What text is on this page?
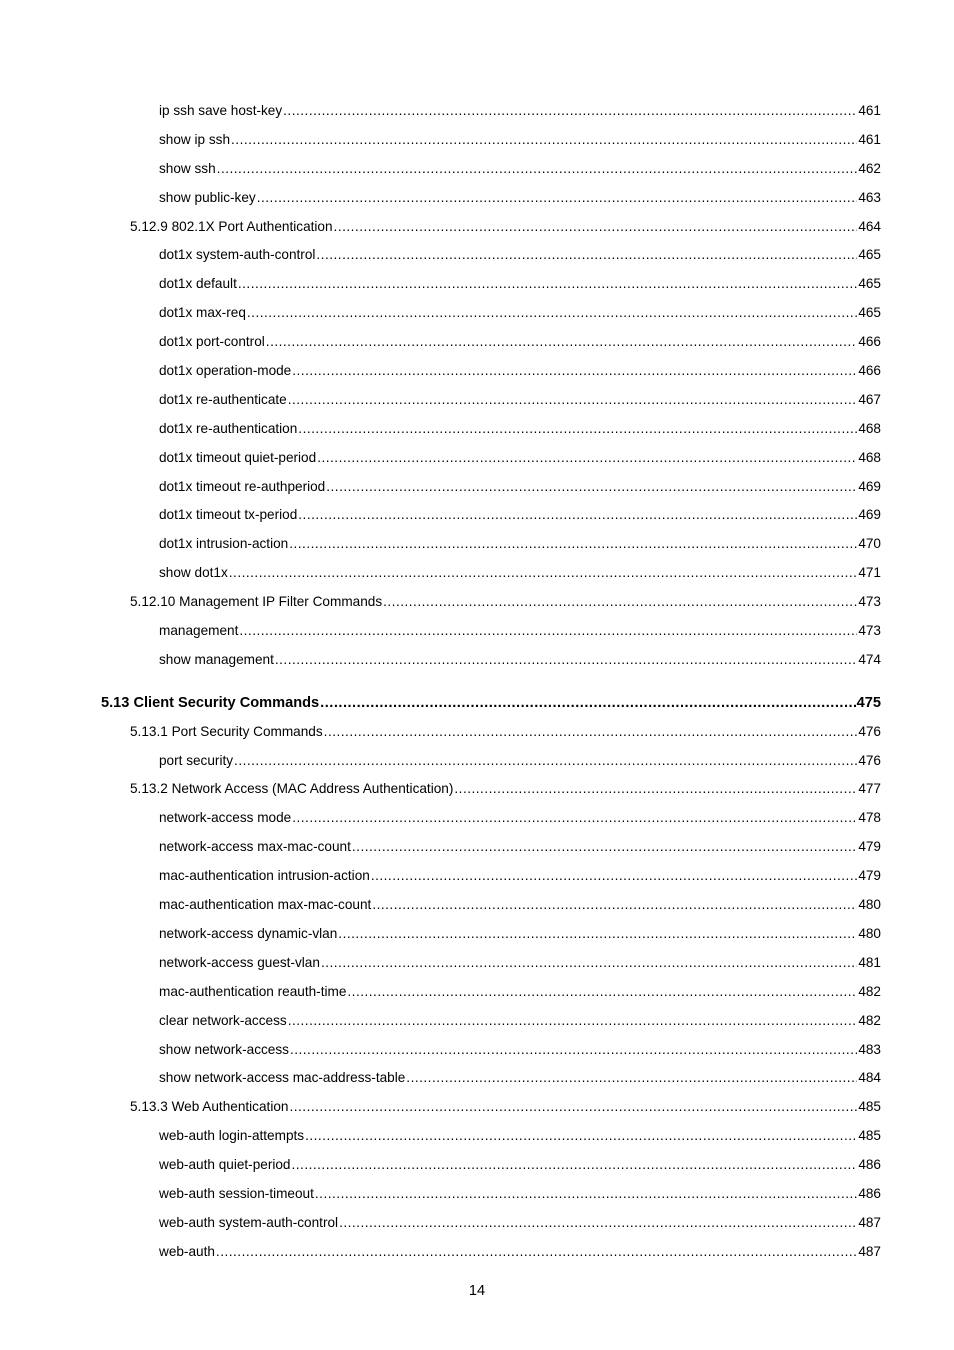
ip ssh save host-key .....	461
show ip ssh .....	461
show ssh .....	462
show public-key .....	463
5.12.9 802.1X Port Authentication .....	464
dot1x system-auth-control .....	465
dot1x default .....	465
dot1x max-req .....	465
dot1x port-control .....	466
dot1x operation-mode .....	466
dot1x re-authenticate .....	467
dot1x re-authentication .....	468
dot1x timeout quiet-period .....	468
dot1x timeout re-authperiod .....	469
dot1x timeout tx-period .....	469
dot1x intrusion-action .....	470
show dot1x .....	471
5.12.10 Management IP Filter Commands .....	473
management .....	473
show management .....	474
5.13 Client Security Commands .....	475
5.13.1 Port Security Commands .....	476
port security .....	476
5.13.2 Network Access (MAC Address Authentication) .....	477
network-access mode .....	478
network-access max-mac-count .....	479
mac-authentication intrusion-action .....	479
mac-authentication max-mac-count .....	480
network-access dynamic-vlan .....	480
network-access guest-vlan .....	481
mac-authentication reauth-time .....	482
clear network-access .....	482
show network-access .....	483
show network-access mac-address-table .....	484
5.13.3 Web Authentication .....	485
web-auth login-attempts .....	485
web-auth quiet-period .....	486
web-auth session-timeout .....	486
web-auth system-auth-control .....	487
web-auth .....	487
14
